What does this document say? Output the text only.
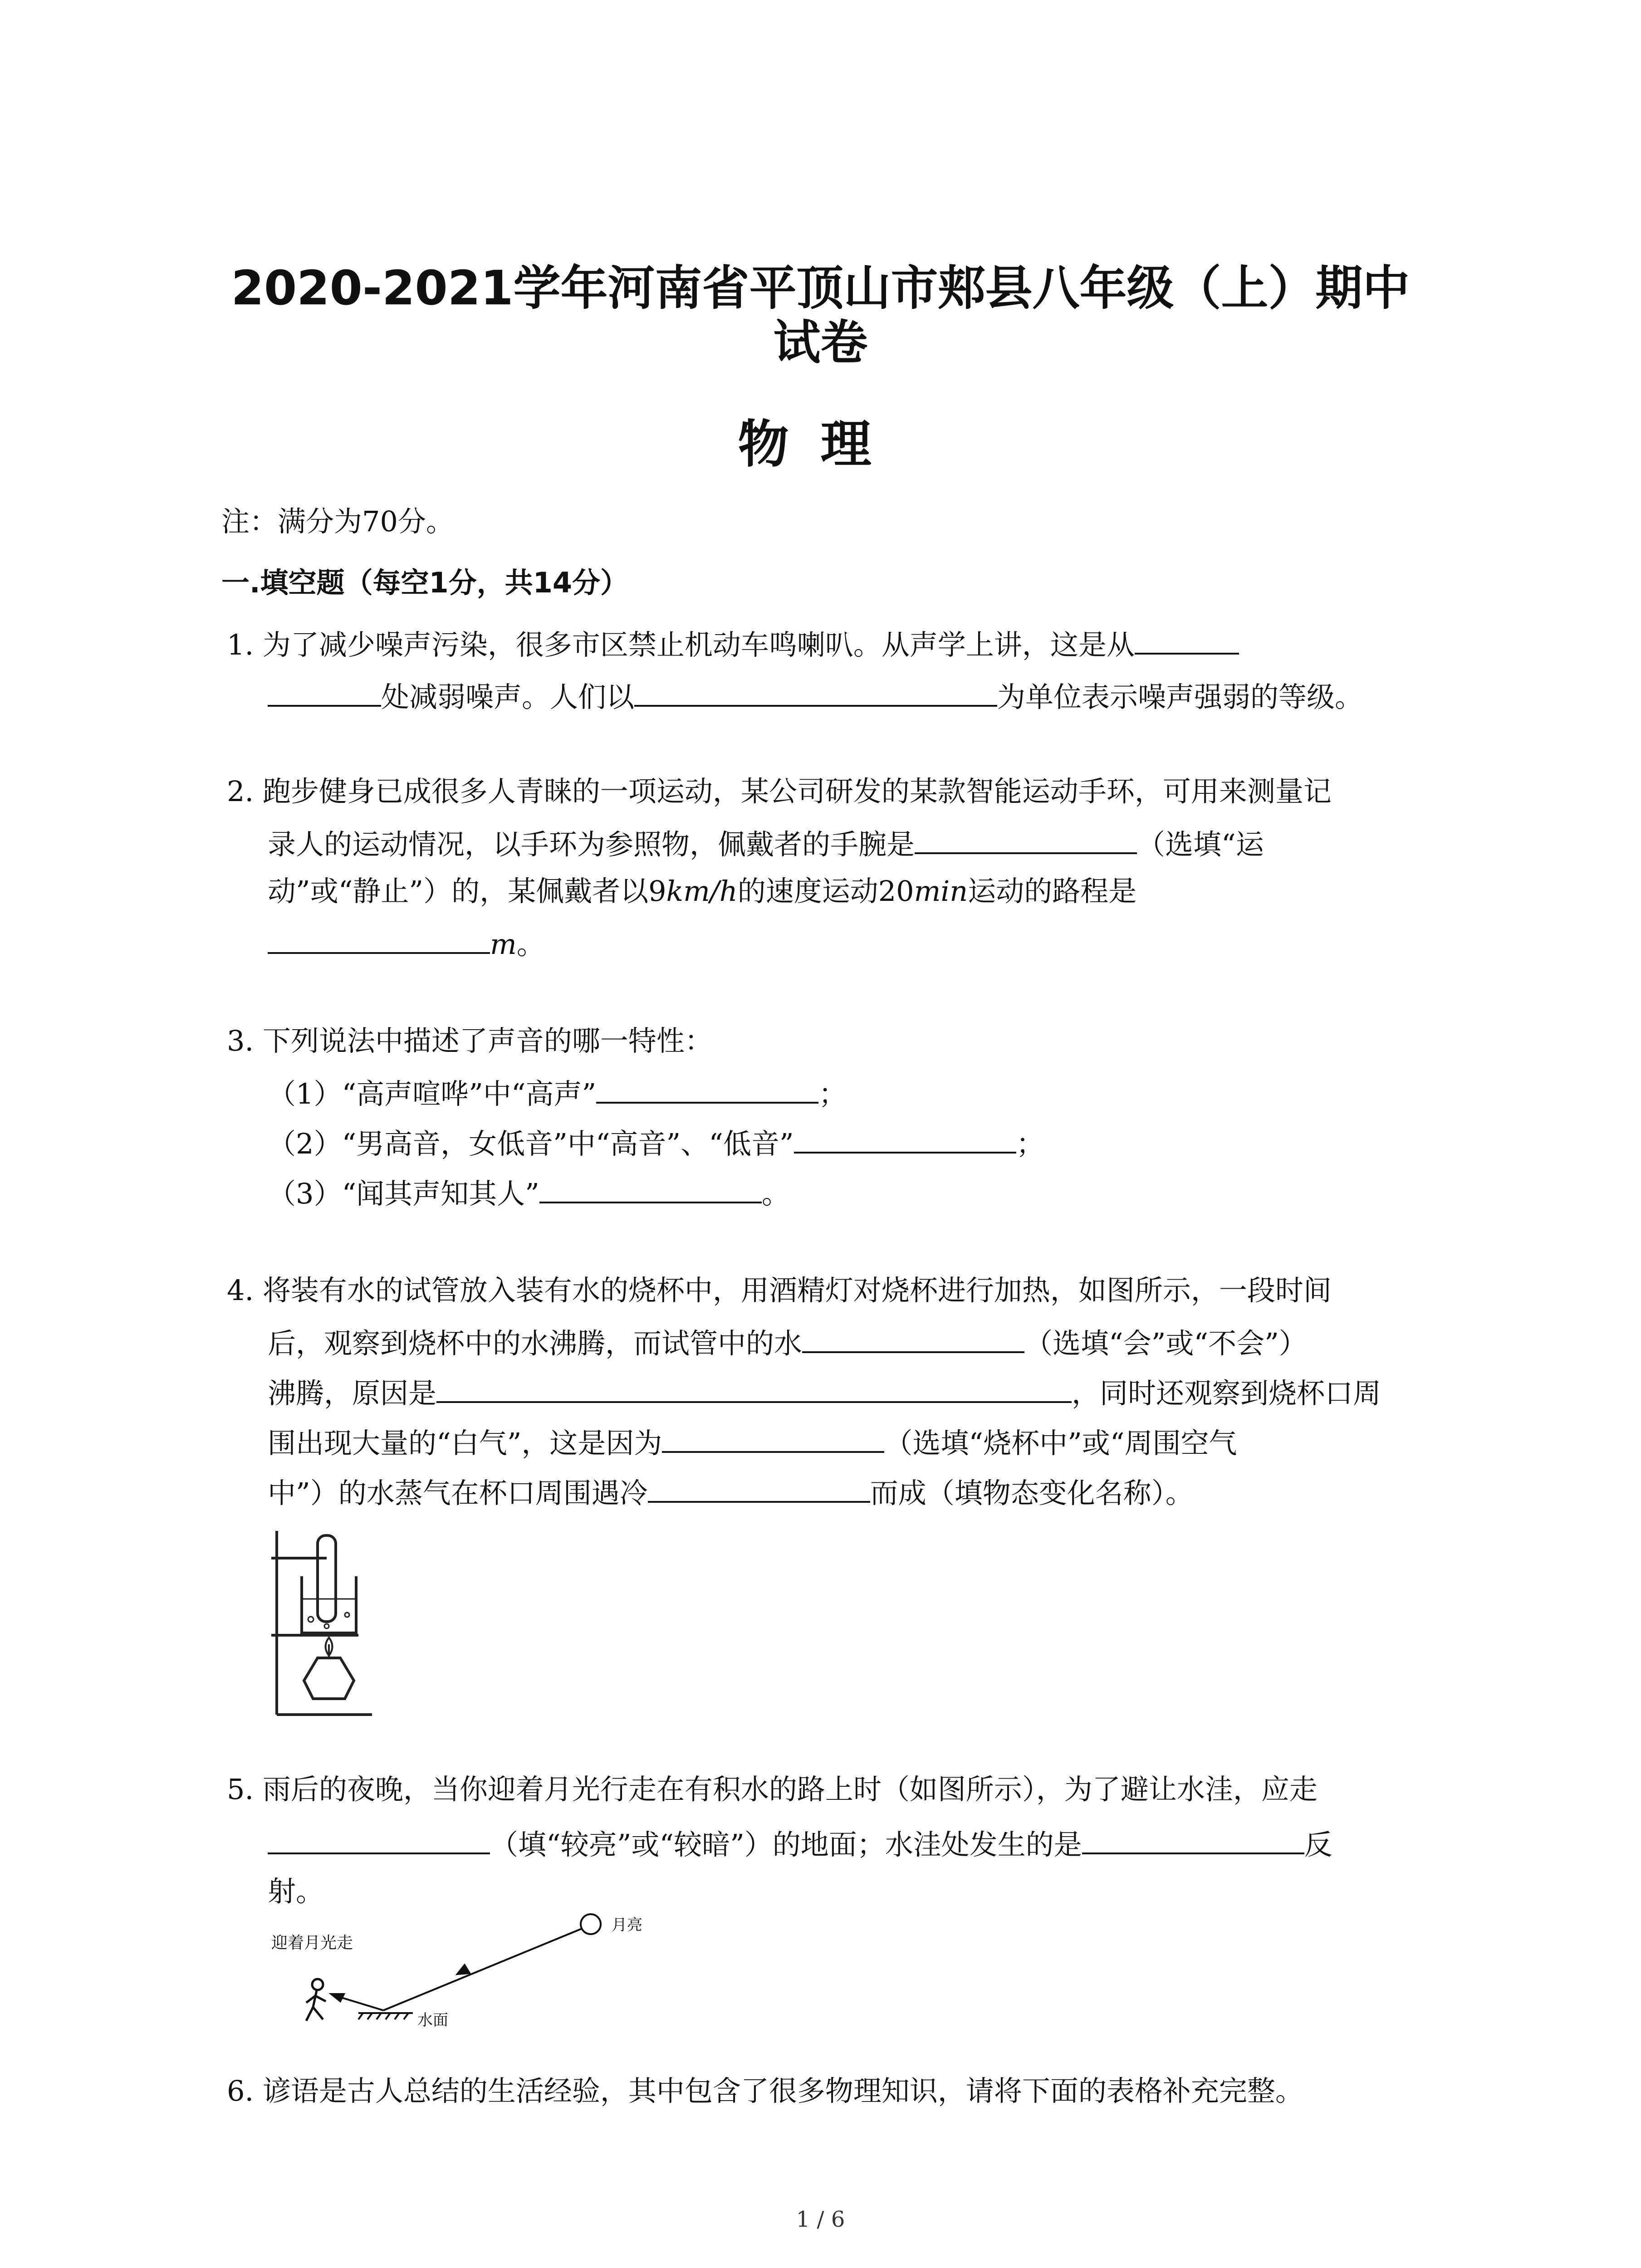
2020-2021学年河南省平顶山市郏县八年级（上）期中
试卷
物理
注：满分为70分。
一.填空题（每空1分，共14分）
1. 为了减少噪声污染，很多市区禁止机动车鸣喇叭。从声学上讲，这是从
处减弱噪声。人们以	为单位表示噪声强弱的等级。
2. 跑步健身已成很多人青睐的一项运动，某公司研发的某款智能运动手环，可用来测量记
录人的运动情况，以手环为参照物，佩戴者的手腕是	（选填“运
动”或“静止”）的，某佩戴者以9km/h的速度运动20min运动的路程是
m。
3. 下列说法中描述了声音的哪一特性：
（1）“高声喧哗”中“高声”	；
（2）“男高音，女低音”中“高音”、“低音”	；
（3）“闻其声知其人”	。
4. 将装有水的试管放入装有水的烧杯中，用酒精灯对烧杯进行加热，如图所示，一段时间
后，观察到烧杯中的水沸腾，而试管中的水	（选填“会”或“不会”）
沸腾，原因是	，同时还观察到烧杯口周
围出现大量的“白气”，这是因为	（选填“烧杯中”或“周围空气
中”）的水蒸气在杯口周围遇冷	而成（填物态变化名称）。
5. 雨后的夜晚，当你迎着月光行走在有积水的路上时（如图所示），为了避让水洼，应走
（填“较亮”或“较暗”）的地面；水洼处发生的是	反
射。
迎着月光走
月亮
水面
6. 谚语是古人总结的生活经验，其中包含了很多物理知识，请将下面的表格补充完整。
1 / 6
